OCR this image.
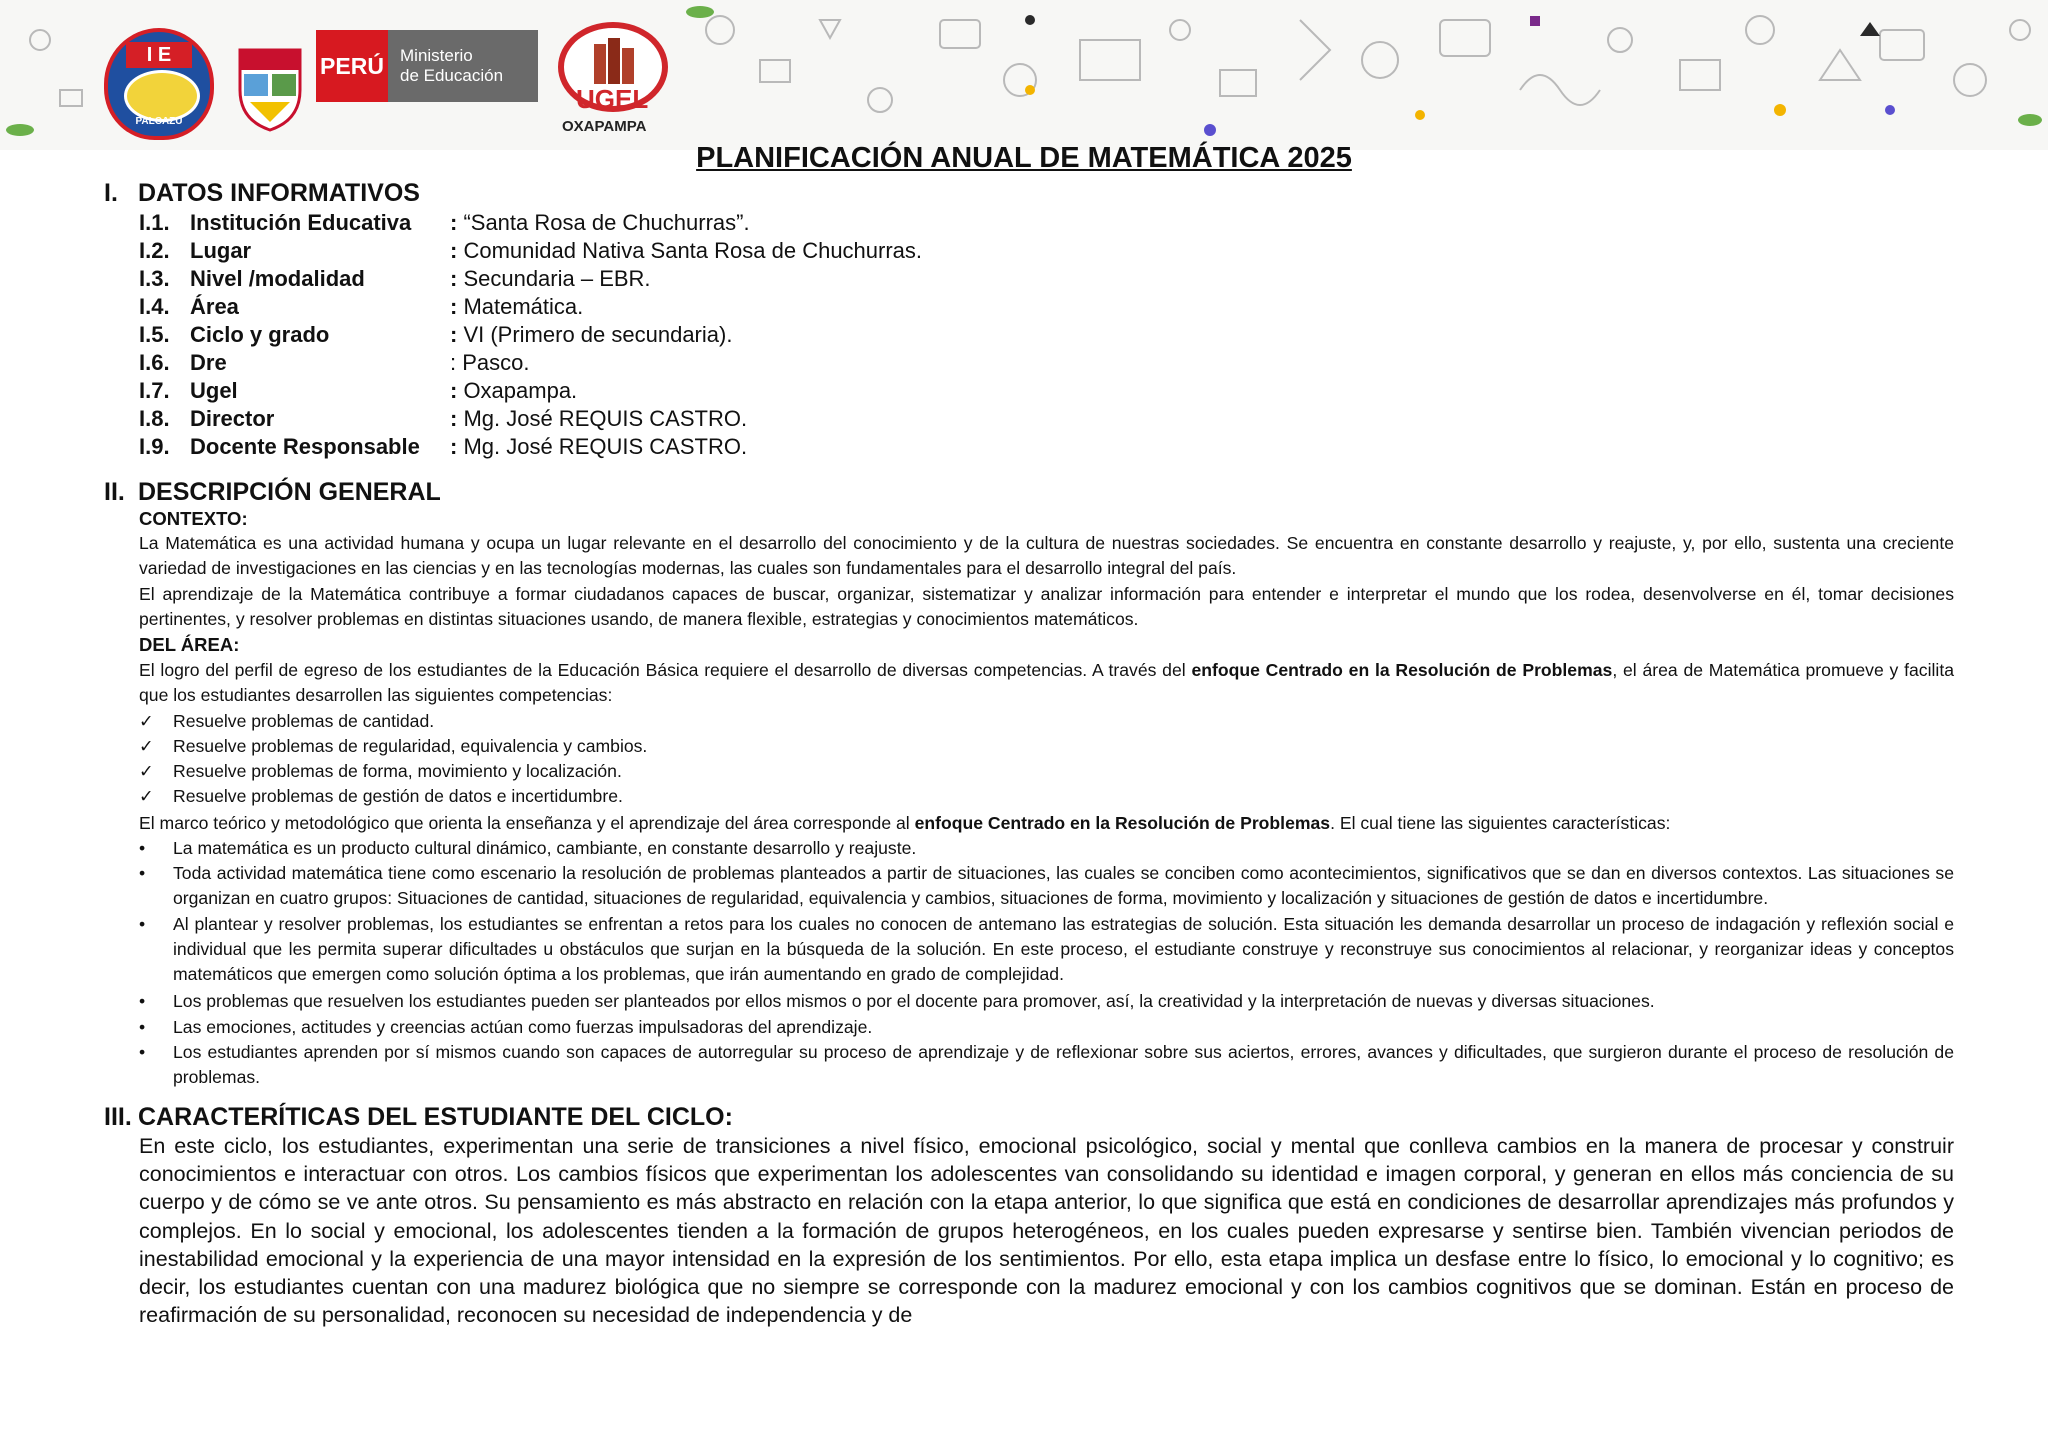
I E
PALCAZU
PERÚ Ministerio
de Educación
UGEL
OXAPAMPA
PLANIFICACIÓN ANUAL DE MATEMÁTICA 2025
I. DATOS INFORMATIVOS
I.1. Institución Educativa : “Santa Rosa de Chuchurras”.
I.2. Lugar	: Comunidad Nativa Santa Rosa de Chuchurras.
I.3. Nivel /modalidad	: Secundaria – EBR.
I.4. Área	: Matemática.
I.5. Ciclo y grado	: VI (Primero de secundaria).
I.6. Dre	: Pasco.
I.7. Ugel	: Oxapampa.
I.8. Director	: Mg. José REQUIS CASTRO.
I.9. Docente Responsable : Mg. José REQUIS CASTRO.
II. DESCRIPCIÓN GENERAL
CONTEXTO:
La Matemática es una actividad humana y ocupa un lugar relevante en el desarrollo del conocimiento y de la cultura de nuestras sociedades. Se encuentra en constante desarrollo y reajuste, y, por ello, sustenta una creciente variedad de investigaciones en las ciencias y en las tecnologías modernas, las cuales son fundamentales para el desarrollo integral del país.
El aprendizaje de la Matemática contribuye a formar ciudadanos capaces de buscar, organizar, sistematizar y analizar información para entender e interpretar el mundo que los rodea, desenvolverse en él, tomar decisiones pertinentes, y resolver problemas en distintas situaciones usando, de manera flexible, estrategias y conocimientos matemáticos.
DEL ÁREA:
El logro del perfil de egreso de los estudiantes de la Educación Básica requiere el desarrollo de diversas competencias. A través del enfoque Centrado en la Resolución de Problemas, el área de Matemática promueve y facilita que los estudiantes desarrollen las siguientes competencias:
✓	Resuelve problemas de cantidad.
✓	Resuelve problemas de regularidad, equivalencia y cambios.
✓	Resuelve problemas de forma, movimiento y localización.
✓	Resuelve problemas de gestión de datos e incertidumbre.
El marco teórico y metodológico que orienta la enseñanza y el aprendizaje del área corresponde al enfoque Centrado en la Resolución de Problemas. El cual tiene las siguientes características:
•	La matemática es un producto cultural dinámico, cambiante, en constante desarrollo y reajuste.
•	Toda actividad matemática tiene como escenario la resolución de problemas planteados a partir de situaciones, las cuales se conciben como acontecimientos, significativos que se dan en diversos contextos. Las situaciones se organizan en cuatro grupos: Situaciones de cantidad, situaciones de regularidad, equivalencia y cambios, situaciones de forma, movimiento y localización y situaciones de gestión de datos e incertidumbre.
•	Al plantear y resolver problemas, los estudiantes se enfrentan a retos para los cuales no conocen de antemano las estrategias de solución. Esta situación les demanda desarrollar un proceso de indagación y reflexión social e individual que les permita superar dificultades u obstáculos que surjan en la búsqueda de la solución. En este proceso, el estudiante construye y reconstruye sus conocimientos al relacionar, y reorganizar ideas y conceptos matemáticos que emergen como solución óptima a los problemas, que irán aumentando en grado de complejidad.
•	Los problemas que resuelven los estudiantes pueden ser planteados por ellos mismos o por el docente para promover, así, la creatividad y la interpretación de nuevas y diversas situaciones.
•	Las emociones, actitudes y creencias actúan como fuerzas impulsadoras del aprendizaje.
•	Los estudiantes aprenden por sí mismos cuando son capaces de autorregular su proceso de aprendizaje y de reflexionar sobre sus aciertos, errores, avances y dificultades, que surgieron durante el proceso de resolución de problemas.
III. CARACTERÍTICAS DEL ESTUDIANTE DEL CICLO:
En este ciclo, los estudiantes, experimentan una serie de transiciones a nivel físico, emocional psicológico, social y mental que conlleva cambios en la manera de procesar y construir conocimientos e interactuar con otros. Los cambios físicos que experimentan los adolescentes van consolidando su identidad e imagen corporal, y generan en ellos más conciencia de su cuerpo y de cómo se ve ante otros. Su pensamiento es más abstracto en relación con la etapa anterior, lo que significa que está en condiciones de desarrollar aprendizajes más profundos y complejos. En lo social y emocional, los adolescentes tienden a la formación de grupos heterogéneos, en los cuales pueden expresarse y sentirse bien. También vivencian periodos de inestabilidad emocional y la experiencia de una mayor intensidad en la expresión de los sentimientos. Por ello, esta etapa implica un desfase entre lo físico, lo emocional y lo cognitivo; es decir, los estudiantes cuentan con una madurez biológica que no siempre se corresponde con la madurez emocional y con los cambios cognitivos que se dominan. Están en proceso de reafirmación de su personalidad, reconocen su necesidad de independencia y de
